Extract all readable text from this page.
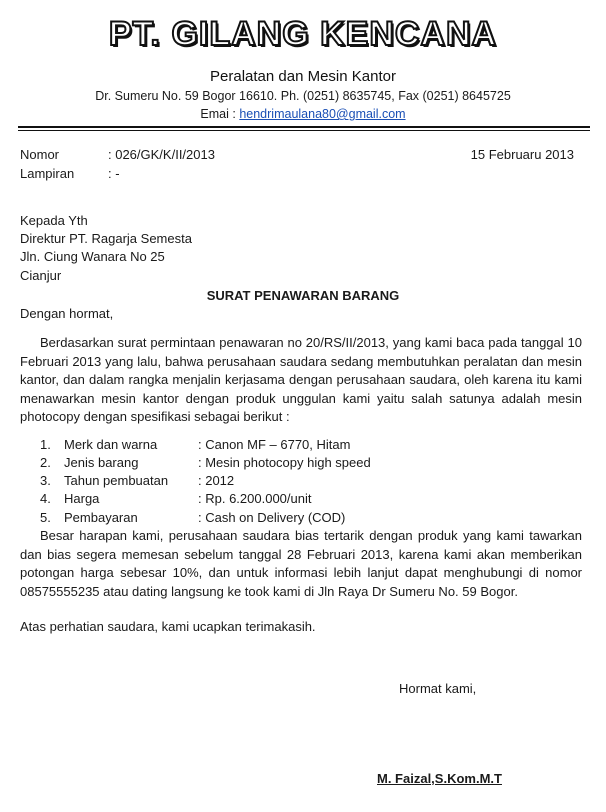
PT. GILANG KENCANA
Peralatan dan Mesin Kantor
Dr. Sumeru No. 59 Bogor 16610. Ph. (0251) 8635745, Fax (0251) 8645725
Emai : hendrimaulana80@gmail.com
Nomor	: 026/GK/K/II/2013	15 Februaru 2013
Lampiran	: -
Kepada Yth
Direktur PT. Ragarja Semesta
Jln. Ciung Wanara No 25
Cianjur
SURAT PENAWARAN BARANG
Dengan hormat,
Berdasarkan surat permintaan penawaran no 20/RS/II/2013, yang kami baca pada tanggal 10 Februari 2013 yang lalu, bahwa perusahaan saudara sedang membutuhkan peralatan dan mesin kantor, dan dalam rangka menjalin kerjasama dengan perusahaan saudara, oleh karena itu kami menawarkan mesin kantor dengan produk unggulan kami yaitu salah satunya adalah mesin photocopy dengan spesifikasi sebagai berikut :
1. Merk dan warna	: Canon MF – 6770, Hitam
2. Jenis barang	: Mesin photocopy high speed
3. Tahun pembuatan : 2012
4. Harga	: Rp. 6.200.000/unit
5. Pembayaran	: Cash on Delivery (COD)
Besar harapan kami, perusahaan saudara bias tertarik dengan produk yang kami tawarkan dan bias segera memesan sebelum tanggal 28 Februari 2013, karena kami akan memberikan potongan harga sebesar 10%, dan untuk informasi lebih lanjut dapat menghubungi di nomor 08575555235 atau dating langsung ke took kami di Jln Raya Dr Sumeru No. 59 Bogor.
Atas perhatian saudara, kami ucapkan terimakasih.
Hormat kami,
M. Faizal,S.Kom.M.T
